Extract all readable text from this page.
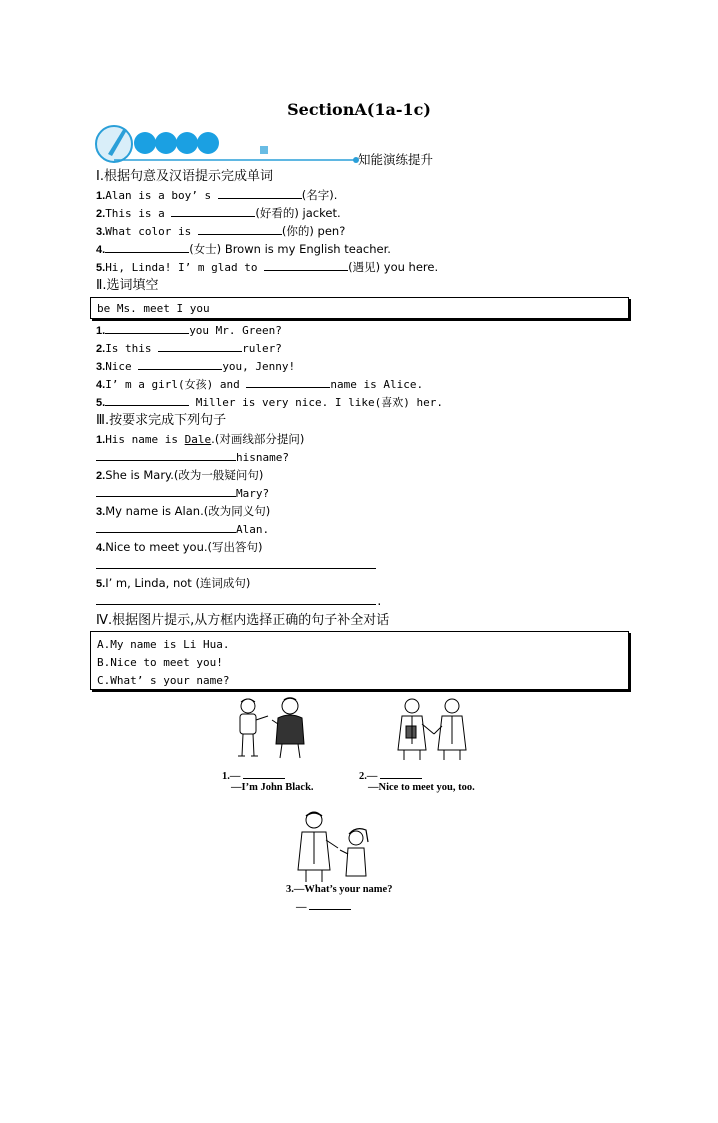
SectionA(1a-1c)
知能演练提升
Ⅰ.根据句意及汉语提示完成单词
1.Alan is a boy’ s	(名字).
2.This is a	(好看的) jacket.
3.What color is	(你的) pen?
4.	(女士) Brown is my English teacher.
5.Hi, Linda! I’ m glad to	(遇见) you here.
Ⅱ.选词填空
be Ms. meet I you
1.	you Mr. Green?
2.Is this	ruler?
3.Nice	you, Jenny!
4.I’ m a girl(女孩) and	name is Alice.
5.	Miller is very nice. I like(喜欢) her.
Ⅲ.按要求完成下列句子
1.His name is Dale.(对画线部分提问)
hisname?
2.She is Mary.(改为一般疑问句)
Mary?
3.My name is Alan.(改为同义句)
Alan.
4.Nice to meet you.(写出答句)
5.I’ m, Linda, not (连词成句)
.
Ⅳ.根据图片提示,从方框内选择正确的句子补全对话
A.My name is Li Hua.
B.Nice to meet you!
C.What’ s your name?
1.—
—I’m John Black.
2.—
—Nice to meet you, too.
3.—What’s your name?
—
